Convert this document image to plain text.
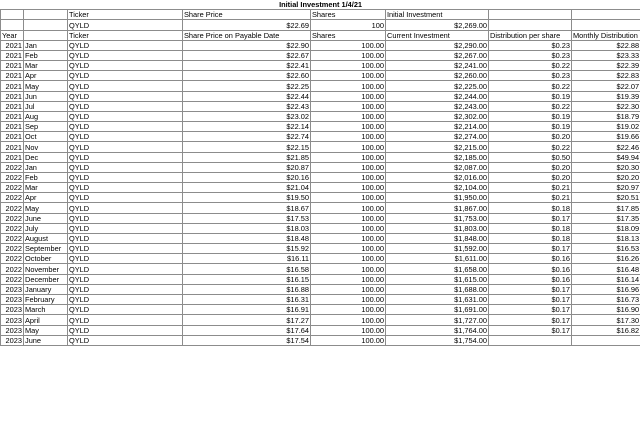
Initial Investment 1/4/21							
		Ticker	Share Price	Shares	Initial Investment		
		QYLD	$22.69	100	$2,269.00		
Year		Ticker	Share Price on Payable Date	Shares	Current Investment	Distribution per share	Monthly Distribution
2021	Jan	QYLD	$22.90	100.00	$2,290.00	$0.23	$22.88
2021	Feb	QYLD	$22.67	100.00	$2,267.00	$0.23	$23.33
2021	Mar	QYLD	$22.41	100.00	$2,241.00	$0.22	$22.39
2021	Apr	QYLD	$22.60	100.00	$2,260.00	$0.23	$22.83
2021	May	QYLD	$22.25	100.00	$2,225.00	$0.22	$22.07
2021	Jun	QYLD	$22.44	100.00	$2,244.00	$0.19	$19.39
2021	Jul	QYLD	$22.43	100.00	$2,243.00	$0.22	$22.30
2021	Aug	QYLD	$23.02	100.00	$2,302.00	$0.19	$18.79
2021	Sep	QYLD	$22.14	100.00	$2,214.00	$0.19	$19.02
2021	Oct	QYLD	$22.74	100.00	$2,274.00	$0.20	$19.66
2021	Nov	QYLD	$22.15	100.00	$2,215.00	$0.22	$22.46
2021	Dec	QYLD	$21.85	100.00	$2,185.00	$0.50	$49.94
2022	Jan	QYLD	$20.87	100.00	$2,087.00	$0.20	$20.30
2022	Feb	QYLD	$20.16	100.00	$2,016.00	$0.20	$20.20
2022	Mar	QYLD	$21.04	100.00	$2,104.00	$0.21	$20.97
2022	Apr	QYLD	$19.50	100.00	$1,950.00	$0.21	$20.51
2022	May	QYLD	$18.67	100.00	$1,867.00	$0.18	$17.85
2022	June	QYLD	$17.53	100.00	$1,753.00	$0.17	$17.35
2022	July	QYLD	$18.03	100.00	$1,803.00	$0.18	$18.09
2022	August	QYLD	$18.48	100.00	$1,848.00	$0.18	$18.13
2022	September	QYLD	$15.92	100.00	$1,592.00	$0.17	$16.53
2022	October	QYLD	$16.11	100.00	$1,611.00	$0.16	$16.26
2022	November	QYLD	$16.58	100.00	$1,658.00	$0.16	$16.48
2022	December	QYLD	$16.15	100.00	$1,615.00	$0.16	$16.14
2023	January	QYLD	$16.88	100.00	$1,688.00	$0.17	$16.96
2023	February	QYLD	$16.31	100.00	$1,631.00	$0.17	$16.73
2023	March	QYLD	$16.91	100.00	$1,691.00	$0.17	$16.90
2023	April	QYLD	$17.27	100.00	$1,727.00	$0.17	$17.30
2023	May	QYLD	$17.64	100.00	$1,764.00	$0.17	$16.82
2023	June	QYLD	$17.54	100.00	$1,754.00		
